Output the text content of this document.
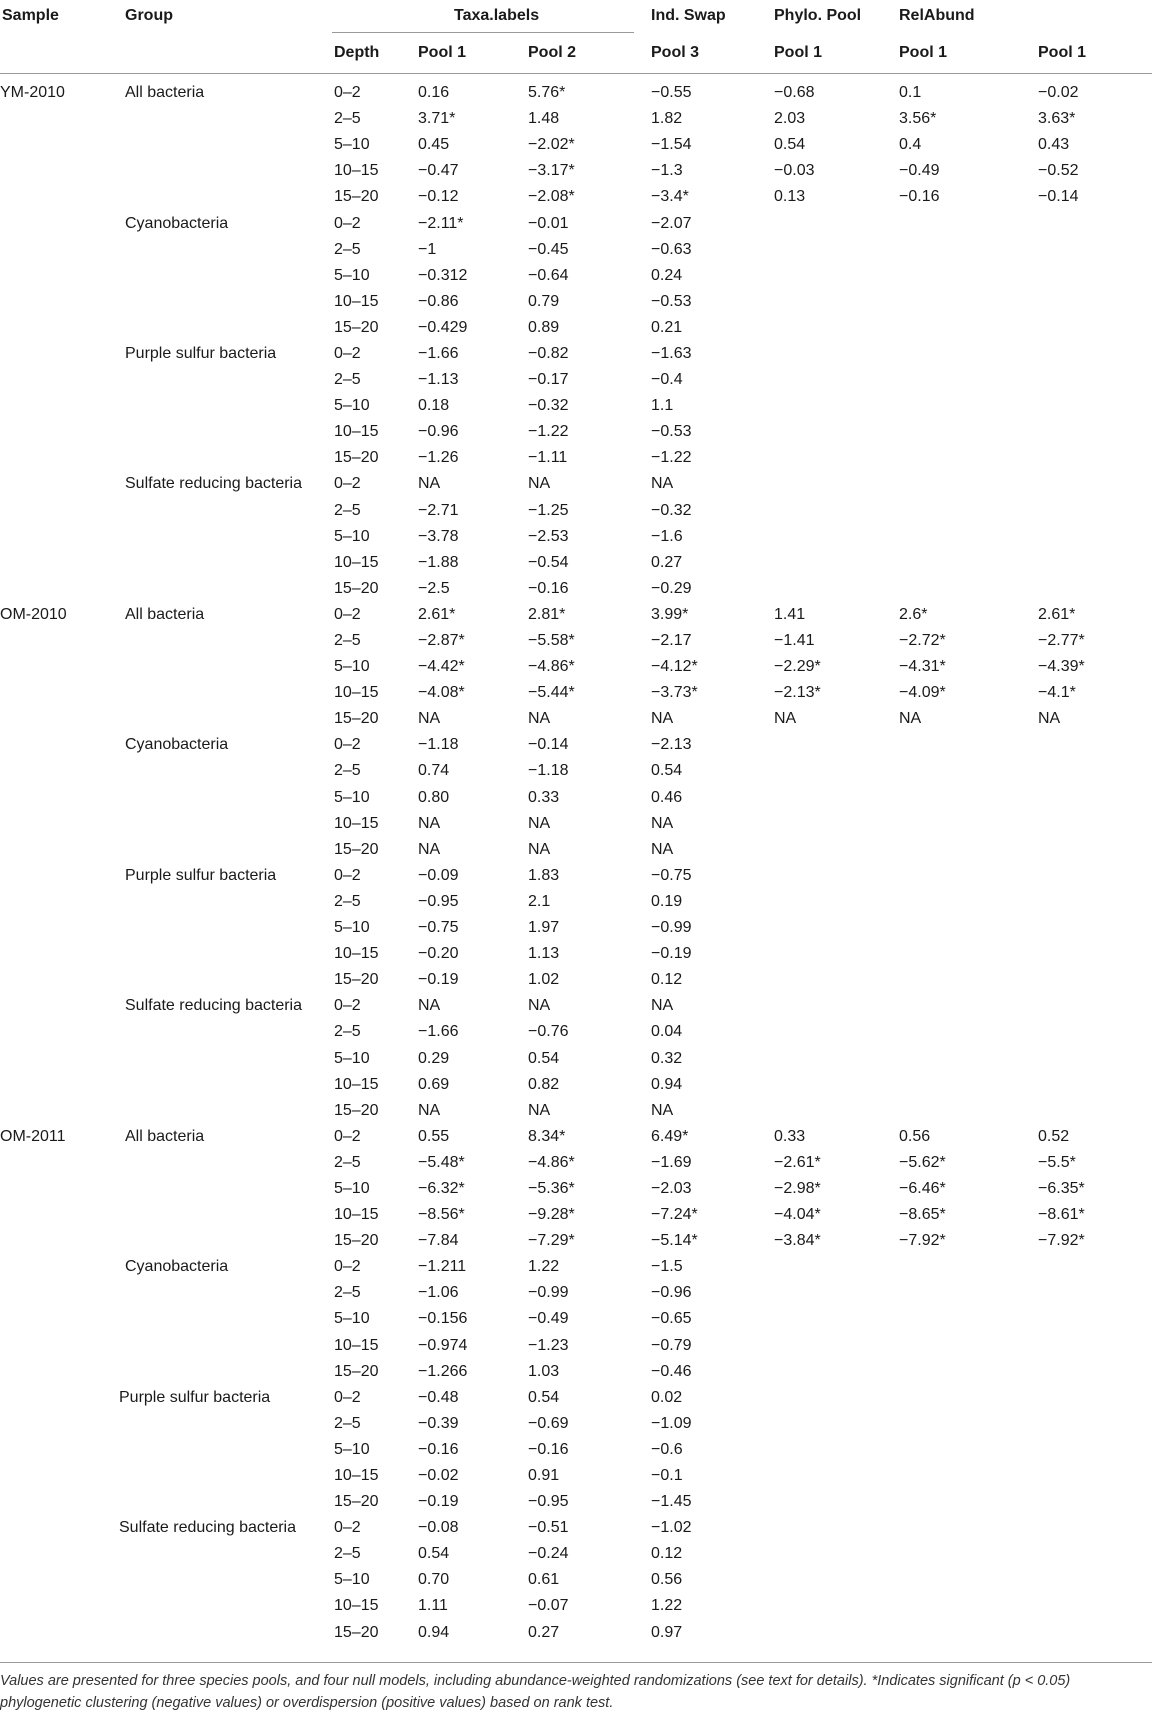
Sample	Group	Taxa.labels			Ind. Swap	Phylo. Pool	RelAbund	
		Depth	Pool 1	Pool 2	Pool 3	Pool 1	Pool 1	Pool 1

YM-2010	All bacteria	0–2	0.16	5.76*	−0.55	−0.68	0.1	−0.02
		2–5	3.71*	1.48	1.82	2.03	3.56*	3.63*
		5–10	0.45	−2.02*	−1.54	0.54	0.4	0.43
		10–15	−0.47	−3.17*	−1.3	−0.03	−0.49	−0.52
		15–20	−0.12	−2.08*	−3.4*	0.13	−0.16	−0.14
	Cyanobacteria	0–2	−2.11*	−0.01	−2.07			
		2–5	−1	−0.45	−0.63			
		5–10	−0.312	−0.64	0.24			
		10–15	−0.86	0.79	−0.53			
		15–20	−0.429	0.89	0.21			
	Purple sulfur bacteria	0–2	−1.66	−0.82	−1.63			
		2–5	−1.13	−0.17	−0.4			
		5–10	0.18	−0.32	1.1			
		10–15	−0.96	−1.22	−0.53			
		15–20	−1.26	−1.11	−1.22			
	Sulfate reducing bacteria	0–2	NA	NA	NA			
		2–5	−2.71	−1.25	−0.32			
		5–10	−3.78	−2.53	−1.6			
		10–15	−1.88	−0.54	0.27			
		15–20	−2.5	−0.16	−0.29			
OM-2010	All bacteria	0–2	2.61*	2.81*	3.99*	1.41	2.6*	2.61*
		2–5	−2.87*	−5.58*	−2.17	−1.41	−2.72*	−2.77*
		5–10	−4.42*	−4.86*	−4.12*	−2.29*	−4.31*	−4.39*
		10–15	−4.08*	−5.44*	−3.73*	−2.13*	−4.09*	−4.1*
		15–20	NA	NA	NA	NA	NA	NA
	Cyanobacteria	0–2	−1.18	−0.14	−2.13			
		2–5	0.74	−1.18	0.54			
		5–10	0.80	0.33	0.46			
		10–15	NA	NA	NA			
		15–20	NA	NA	NA			
	Purple sulfur bacteria	0–2	−0.09	1.83	−0.75			
		2–5	−0.95	2.1	0.19			
		5–10	−0.75	1.97	−0.99			
		10–15	−0.20	1.13	−0.19			
		15–20	−0.19	1.02	0.12			
	Sulfate reducing bacteria	0–2	NA	NA	NA			
		2–5	−1.66	−0.76	0.04			
		5–10	0.29	0.54	0.32			
		10–15	0.69	0.82	0.94			
		15–20	NA	NA	NA			
OM-2011	All bacteria	0–2	0.55	8.34*	6.49*	0.33	0.56	0.52
		2–5	−5.48*	−4.86*	−1.69	−2.61*	−5.62*	−5.5*
		5–10	−6.32*	−5.36*	−2.03	−2.98*	−6.46*	−6.35*
		10–15	−8.56*	−9.28*	−7.24*	−4.04*	−8.65*	−8.61*
		15–20	−7.84	−7.29*	−5.14*	−3.84*	−7.92*	−7.92*
	Cyanobacteria	0–2	−1.211	1.22	−1.5			
		2–5	−1.06	−0.99	−0.96			
		5–10	−0.156	−0.49	−0.65			
		10–15	−0.974	−1.23	−0.79			
		15–20	−1.266	1.03	−0.46			
	Purple sulfur bacteria	0–2	−0.48	0.54	0.02			
		2–5	−0.39	−0.69	−1.09			
		5–10	−0.16	−0.16	−0.6			
		10–15	−0.02	0.91	−0.1			
		15–20	−0.19	−0.95	−1.45			
	Sulfate reducing bacteria	0–2	−0.08	−0.51	−1.02			
		2–5	0.54	−0.24	0.12			
		5–10	0.70	0.61	0.56			
		10–15	1.11	−0.07	1.22			
		15–20	0.94	0.27	0.97			
Values are presented for three species pools, and four null models, including abundance-weighted randomizations (see text for details). *Indicates significant (p < 0.05) phylogenetic clustering (negative values) or overdispersion (positive values) based on rank test.
